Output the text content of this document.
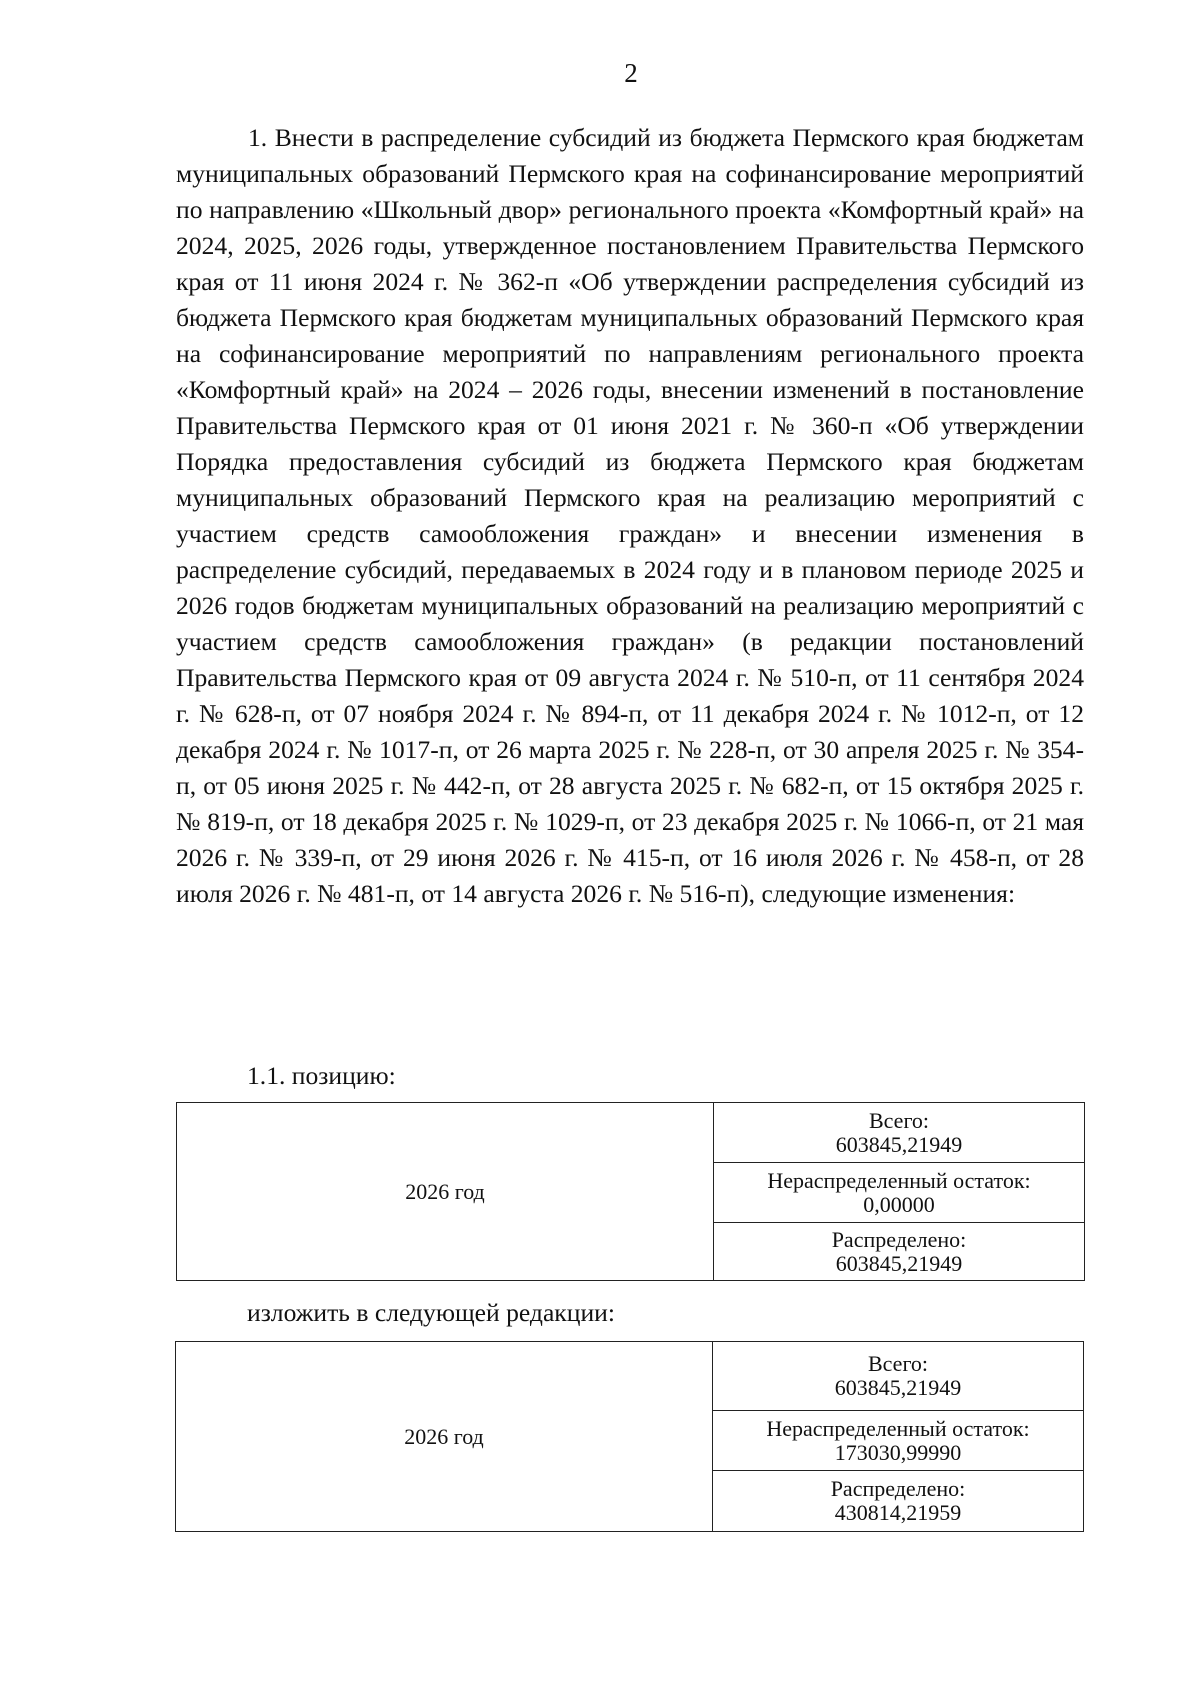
2
1. Внести в распределение субсидий из бюджета Пермского края бюджетам муниципальных образований Пермского края на софинансирование мероприятий по направлению «Школьный двор» регионального проекта «Комфортный край» на 2024, 2025, 2026 годы, утвержденное постановлением Правительства Пермского края от 11 июня 2024 г. № 362-п «Об утверждении распределения субсидий из бюджета Пермского края бюджетам муниципальных образований Пермского края на софинансирование мероприятий по направлениям регионального проекта «Комфортный край» на 2024 – 2026 годы, внесении изменений в постановление Правительства Пермского края от 01 июня 2021 г. № 360-п «Об утверждении Порядка предоставления субсидий из бюджета Пермского края бюджетам муниципальных образований Пермского края на реализацию мероприятий с участием средств самообложения граждан» и внесении изменения в распределение субсидий, передаваемых в 2024 году и в плановом периоде 2025 и 2026 годов бюджетам муниципальных образований на реализацию мероприятий с участием средств самообложения граждан» (в редакции постановлений Правительства Пермского края от 09 августа 2024 г. № 510-п, от 11 сентября 2024 г. № 628-п, от 07 ноября 2024 г. № 894-п, от 11 декабря 2024 г. № 1012-п, от 12 декабря 2024 г. № 1017-п, от 26 марта 2025 г. № 228-п, от 30 апреля 2025 г. № 354-п, от 05 июня 2025 г. № 442-п, от 28 августа 2025 г. № 682-п, от 15 октября 2025 г. № 819-п, от 18 декабря 2025 г. № 1029-п, от 23 декабря 2025 г. № 1066-п, от 21 мая 2026 г. № 339-п, от 29 июня 2026 г. № 415-п, от 16 июля 2026 г. № 458-п, от 28 июля 2026 г. № 481-п, от 14 августа 2026 г. № 516-п), следующие изменения:
1.1. позицию:
2026 год	
Всего:
603845,21949

Нераспределенный остаток:
0,00000

Распределено:
603845,21949
изложить в следующей редакции:
2026 год	
Всего:
603845,21949

Нераспределенный остаток:
173030,99990

Распределено:
430814,21959
